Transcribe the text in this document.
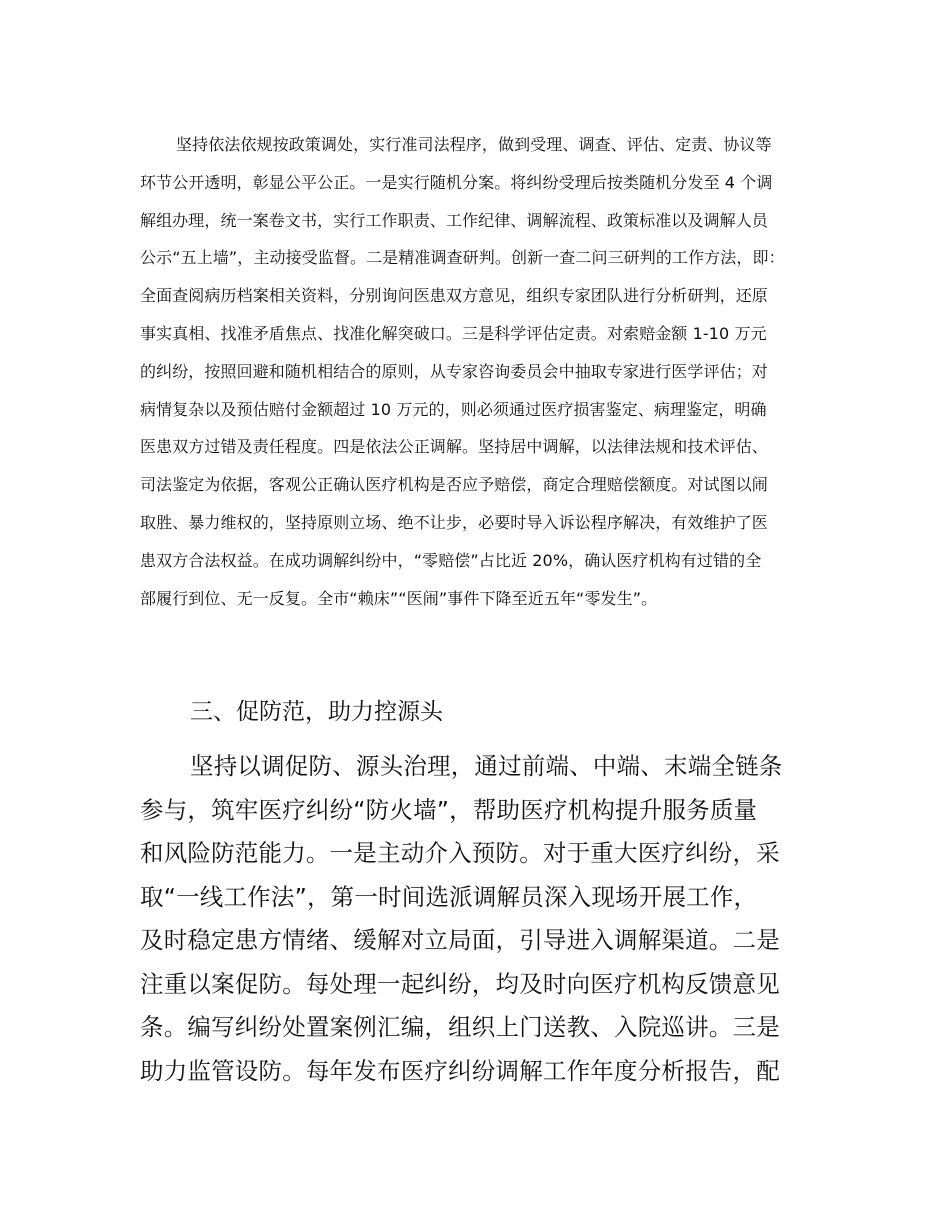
坚持依法依规按政策调处，实行准司法程序，做到受理、调查、评估、定责、协议等
环节公开透明，彰显公平公正。一是实行随机分案。将纠纷受理后按类随机分发至 4 个调
解组办理，统一案卷文书，实行工作职责、工作纪律、调解流程、政策标准以及调解人员
公示“五上墙”，主动接受监督。二是精准调查研判。创新一查二问三研判的工作方法，即：
全面查阅病历档案相关资料，分别询问医患双方意见，组织专家团队进行分析研判，还原
事实真相、找准矛盾焦点、找准化解突破口。三是科学评估定责。对索赔金额 1-10 万元
的纠纷，按照回避和随机相结合的原则，从专家咨询委员会中抽取专家进行医学评估；对
病情复杂以及预估赔付金额超过 10 万元的，则必须通过医疗损害鉴定、病理鉴定，明确
医患双方过错及责任程度。四是依法公正调解。坚持居中调解，以法律法规和技术评估、
司法鉴定为依据，客观公正确认医疗机构是否应予赔偿，商定合理赔偿额度。对试图以闹
取胜、暴力维权的，坚持原则立场、绝不让步，必要时导入诉讼程序解决，有效维护了医
患双方合法权益。在成功调解纠纷中，“零赔偿”占比近 20%，确认医疗机构有过错的全
部履行到位、无一反复。全市“赖床”“医闹”事件下降至近五年“零发生”。
三、促防范，助力控源头
坚持以调促防、源头治理，通过前端、中端、末端全链条
参与，筑牢医疗纠纷“防火墙”，帮助医疗机构提升服务质量
和风险防范能力。一是主动介入预防。对于重大医疗纠纷，采
取“一线工作法”，第一时间选派调解员深入现场开展工作，
及时稳定患方情绪、缓解对立局面，引导进入调解渠道。二是
注重以案促防。每处理一起纠纷，均及时向医疗机构反馈意见
条。编写纠纷处置案例汇编，组织上门送教、入院巡讲。三是
助力监管设防。每年发布医疗纠纷调解工作年度分析报告，配
